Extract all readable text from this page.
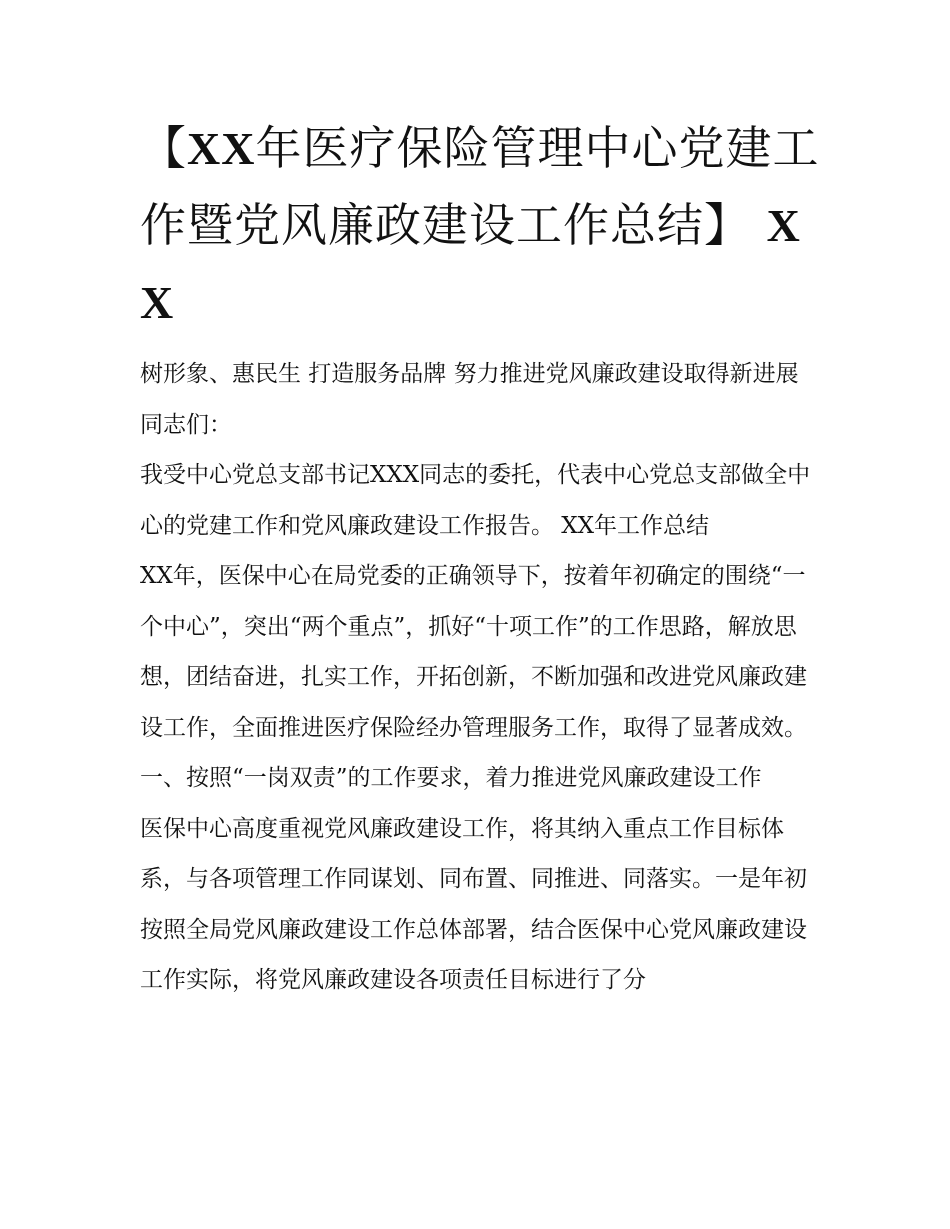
【XX年医疗保险管理中心党建工作暨党风廉政建设工作总结】 XX

树形象、惠民生 打造服务品牌 努力推进党风廉政建设取得新进展 同志们：

我受中心党总支部书记XXX同志的委托，代表中心党总支部做全中心的党建工作和党风廉政建设工作报告。 XX年工作总结

XX年，医保中心在局党委的正确领导下，按着年初确定的围绕“一个中心”，突出“两个重点”，抓好“十项工作”的工作思路，解放思想，团结奋进，扎实工作，开拓创新，不断加强和改进党风廉政建设工作，全面推进医疗保险经办管理服务工作，取得了显著成效。

一、按照“一岗双责”的工作要求，着力推进党风廉政建设工作

医保中心高度重视党风廉政建设工作，将其纳入重点工作目标体系，与各项管理工作同谋划、同布置、同推进、同落实。一是年初按照全局党风廉政建设工作总体部署，结合医保中心党风廉政建设工作实际，将党风廉政建设各项责任目标进行了分
